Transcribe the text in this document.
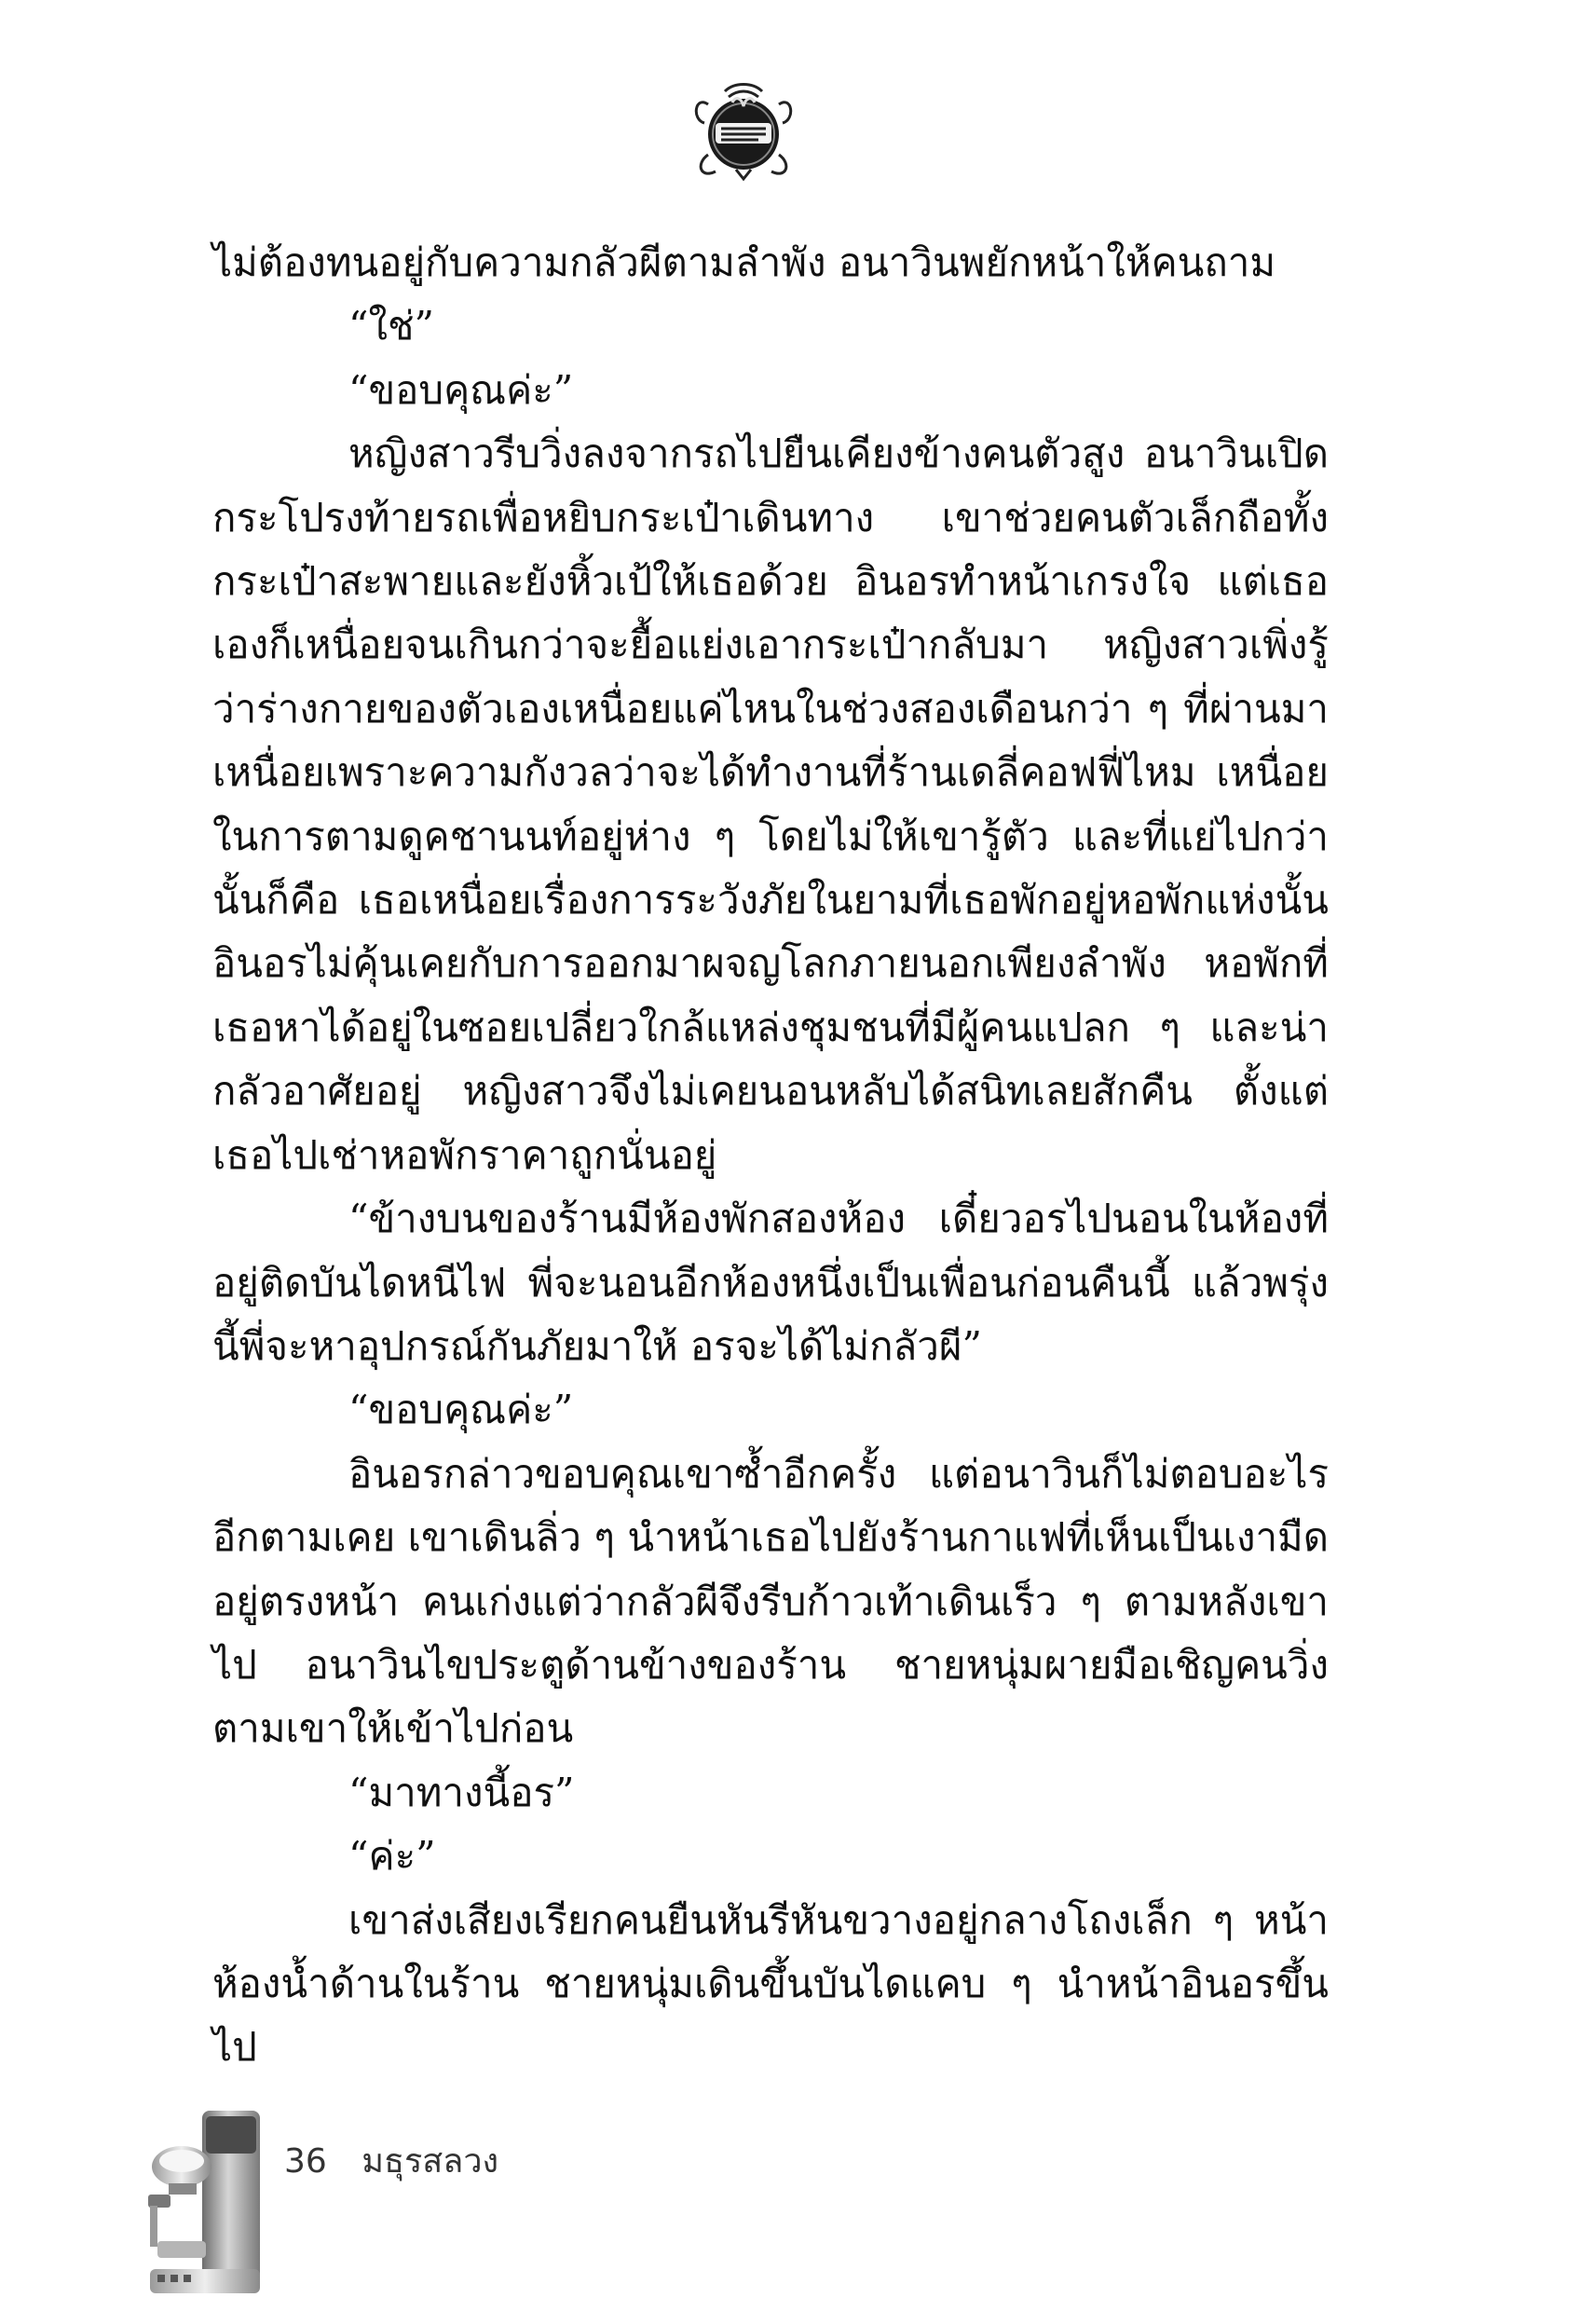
ไม่ต้องทนอยู่กับความกลัวผีตามลำพัง อนาวินพยักหน้าให้คนถาม

“ใช่”

“ขอบคุณค่ะ”

หญิงสาวรีบวิ่งลงจากรถไปยืนเคียงข้างคนตัวสูง อนาวินเปิดกระโปรงท้ายรถเพื่อหยิบกระเป๋าเดินทาง เขาช่วยคนตัวเล็กถือทั้งกระเป๋าสะพายและยังหิ้วเป้ให้เธอด้วย อินอรทำหน้าเกรงใจ แต่เธอเองก็เหนื่อยจนเกินกว่าจะยื้อแย่งเอากระเป๋ากลับมา หญิงสาวเพิ่งรู้ว่าร่างกายของตัวเองเหนื่อยแค่ไหนในช่วงสองเดือนกว่า ๆ ที่ผ่านมา เหนื่อยเพราะความกังวลว่าจะได้ทำงานที่ร้านเดลี่คอฟฟี่ไหม เหนื่อยในการตามดูคชานนท์อยู่ห่าง ๆ โดยไม่ให้เขารู้ตัว และที่แย่ไปกว่านั้นก็คือ เธอเหนื่อยเรื่องการระวังภัยในยามที่เธอพักอยู่หอพักแห่งนั้น อินอรไม่คุ้นเคยกับการออกมาผจญโลกภายนอกเพียงลำพัง หอพักที่เธอหาได้อยู่ในซอยเปลี่ยวใกล้แหล่งชุมชนที่มีผู้คนแปลก ๆ และน่ากลัวอาศัยอยู่ หญิงสาวจึงไม่เคยนอนหลับได้สนิทเลยสักคืน ตั้งแต่เธอไปเช่าหอพักราคาถูกนั่นอยู่

“ข้างบนของร้านมีห้องพักสองห้อง เดี๋ยวอรไปนอนในห้องที่อยู่ติดบันไดหนีไฟ พี่จะนอนอีกห้องหนึ่งเป็นเพื่อนก่อนคืนนี้ แล้วพรุ่งนี้พี่จะหาอุปกรณ์กันภัยมาให้ อรจะได้ไม่กลัวผี”

“ขอบคุณค่ะ”

อินอรกล่าวขอบคุณเขาซ้ำอีกครั้ง แต่อนาวินก็ไม่ตอบอะไรอีกตามเคย เขาเดินลิ่ว ๆ นำหน้าเธอไปยังร้านกาแฟที่เห็นเป็นเงามืดอยู่ตรงหน้า คนเก่งแต่ว่ากลัวผีจึงรีบก้าวเท้าเดินเร็ว ๆ ตามหลังเขาไป อนาวินไขประตูด้านข้างของร้าน ชายหนุ่มผายมือเชิญคนวิ่งตามเขาให้เข้าไปก่อน

“มาทางนี้อร”

“ค่ะ”

เขาส่งเสียงเรียกคนยืนหันรีหันขวางอยู่กลางโถงเล็ก ๆ หน้าห้องน้ำด้านในร้าน ชายหนุ่มเดินขึ้นบันไดแคบ ๆ นำหน้าอินอรขึ้นไป

36 มธุรสลวง
